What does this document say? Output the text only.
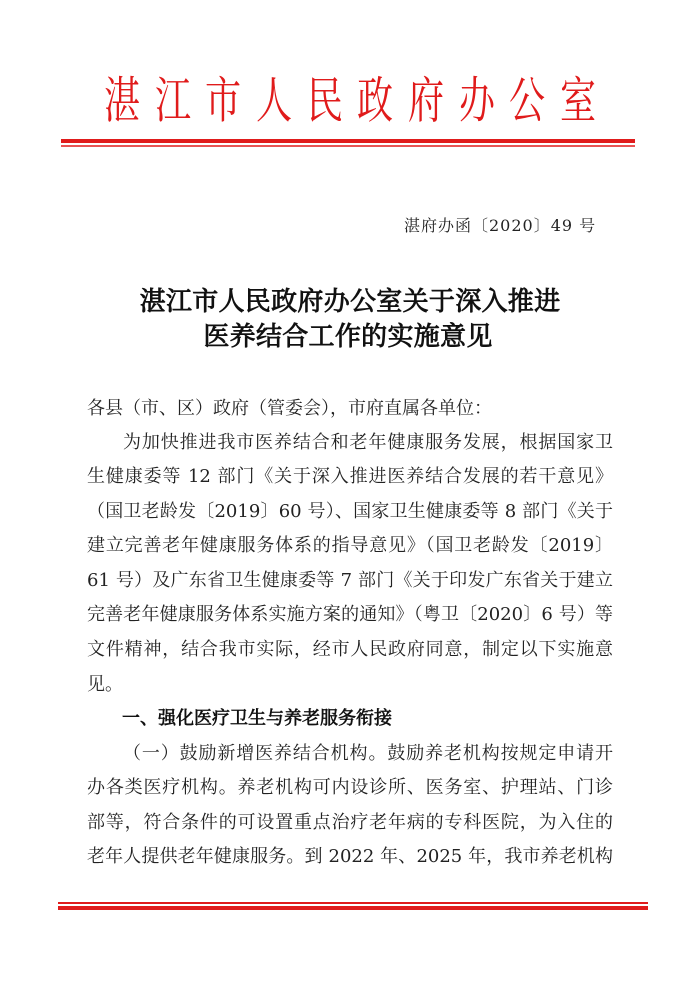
湛 江 市 人 民 政 府 办 公 室
湛府办函〔2020〕49 号
湛江市人民政府办公室关于深入推进
医养结合工作的实施意见
各县（市、区）政府（管委会），市府直属各单位：
为加快推进我市医养结合和老年健康服务发展，根据国家卫
生健康委等 12 部门《关于深入推进医养结合发展的若干意见》
（国卫老龄发〔2019〕60 号）、国家卫生健康委等 8 部门《关于
建立完善老年健康服务体系的指导意见》（国卫老龄发〔2019〕
61 号）及广东省卫生健康委等 7 部门《关于印发广东省关于建立
完善老年健康服务体系实施方案的通知》（粤卫〔2020〕6 号）等
文件精神，结合我市实际，经市人民政府同意，制定以下实施意
见。
一、强化医疗卫生与养老服务衔接
（一）鼓励新增医养结合机构。鼓励养老机构按规定申请开
办各类医疗机构。养老机构可内设诊所、医务室、护理站、门诊
部等，符合条件的可设置重点治疗老年病的专科医院，为入住的
老年人提供老年健康服务。到 2022 年、2025 年，我市养老机构
